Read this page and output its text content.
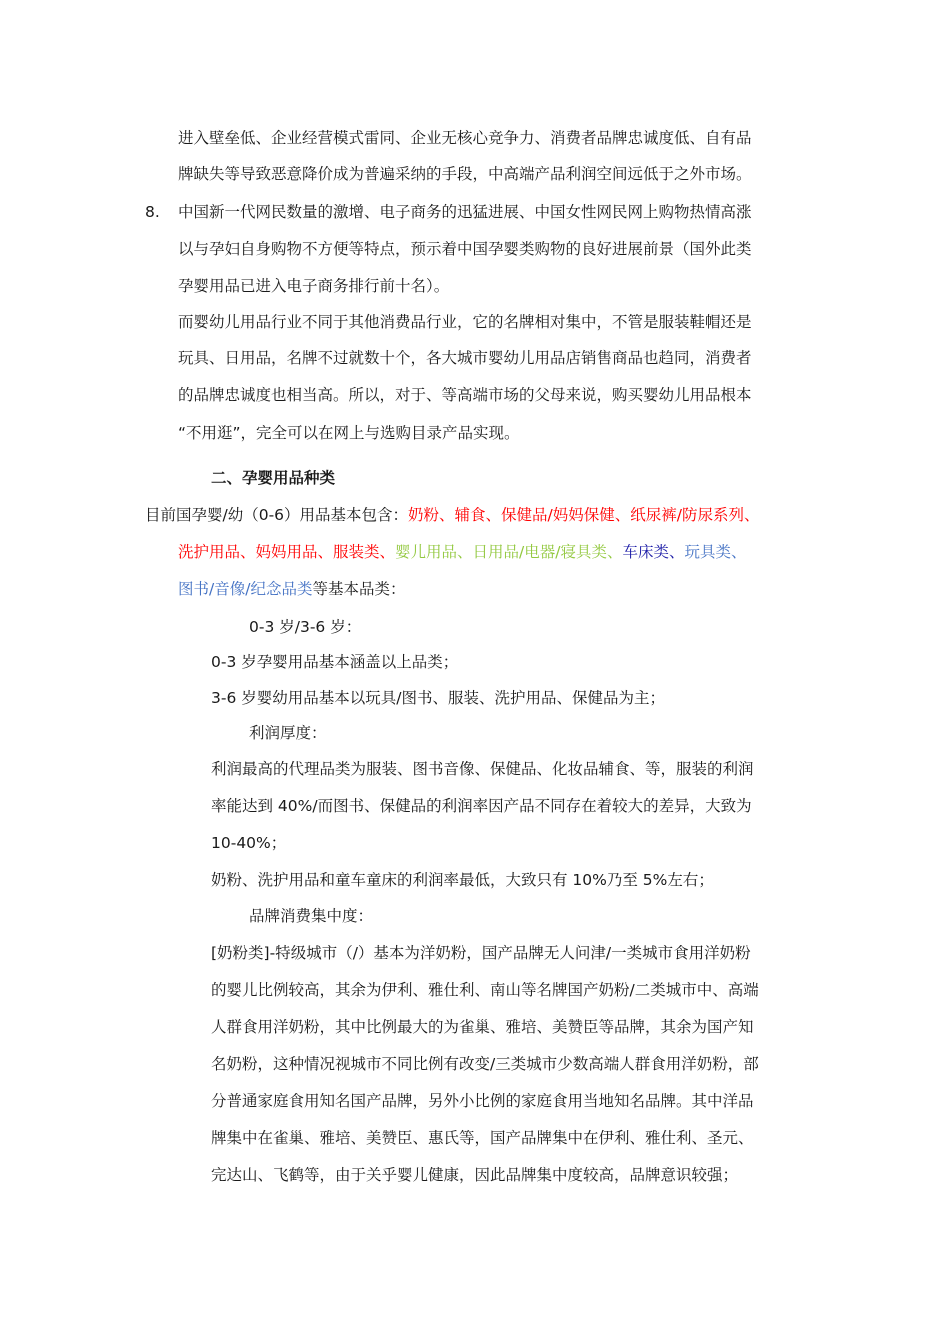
进入壁垒低、企业经营模式雷同、企业无核心竞争力、消费者品牌忠诚度低、自有品
牌缺失等导致恶意降价成为普遍采纳的手段，中高端产品利润空间远低于之外市场。
8. 中国新一代网民数量的激增、电子商务的迅猛进展、中国女性网民网上购物热情高涨
以与孕妇自身购物不方便等特点，预示着中国孕婴类购物的良好进展前景（国外此类
孕婴用品已进入电子商务排行前十名）。
而婴幼儿用品行业不同于其他消费品行业，它的名牌相对集中，不管是服装鞋帽还是
玩具、日用品，名牌不过就数十个，各大城市婴幼儿用品店销售商品也趋同，消费者
的品牌忠诚度也相当高。所以，对于、等高端市场的父母来说，购买婴幼儿用品根本
“不用逛”，完全可以在网上与选购目录产品实现。
二、孕婴用品种类
目前国孕婴/幼（0-6）用品基本包含：奶粉、辅食、保健品/妈妈保健、纸尿裤/防尿系列、
洗护用品、妈妈用品、服装类、婴儿用品、日用品/电器/寝具类、车床类、玩具类、
图书/音像/纪念品类等基本品类：
0-3 岁/3-6 岁：
0-3 岁孕婴用品基本涵盖以上品类；
3-6 岁婴幼用品基本以玩具/图书、服装、洗护用品、保健品为主；
利润厚度：
利润最高的代理品类为服装、图书音像、保健品、化妆品辅食、等，服装的利润
率能达到 40%/而图书、保健品的利润率因产品不同存在着较大的差异，大致为
10-40%；
奶粉、洗护用品和童车童床的利润率最低，大致只有 10%乃至 5%左右；
品牌消费集中度：
[奶粉类]-特级城市（/）基本为洋奶粉，国产品牌无人问津/一类城市食用洋奶粉
的婴儿比例较高，其余为伊利、雅仕利、南山等名牌国产奶粉/二类城市中、高端
人群食用洋奶粉，其中比例最大的为雀巢、雅培、美赞臣等品牌，其余为国产知
名奶粉，这种情况视城市不同比例有改变/三类城市少数高端人群食用洋奶粉，部
分普通家庭食用知名国产品牌，另外小比例的家庭食用当地知名品牌。其中洋品
牌集中在雀巢、雅培、美赞臣、惠氏等，国产品牌集中在伊利、雅仕利、圣元、
完达山、飞鹤等，由于关乎婴儿健康，因此品牌集中度较高，品牌意识较强；
